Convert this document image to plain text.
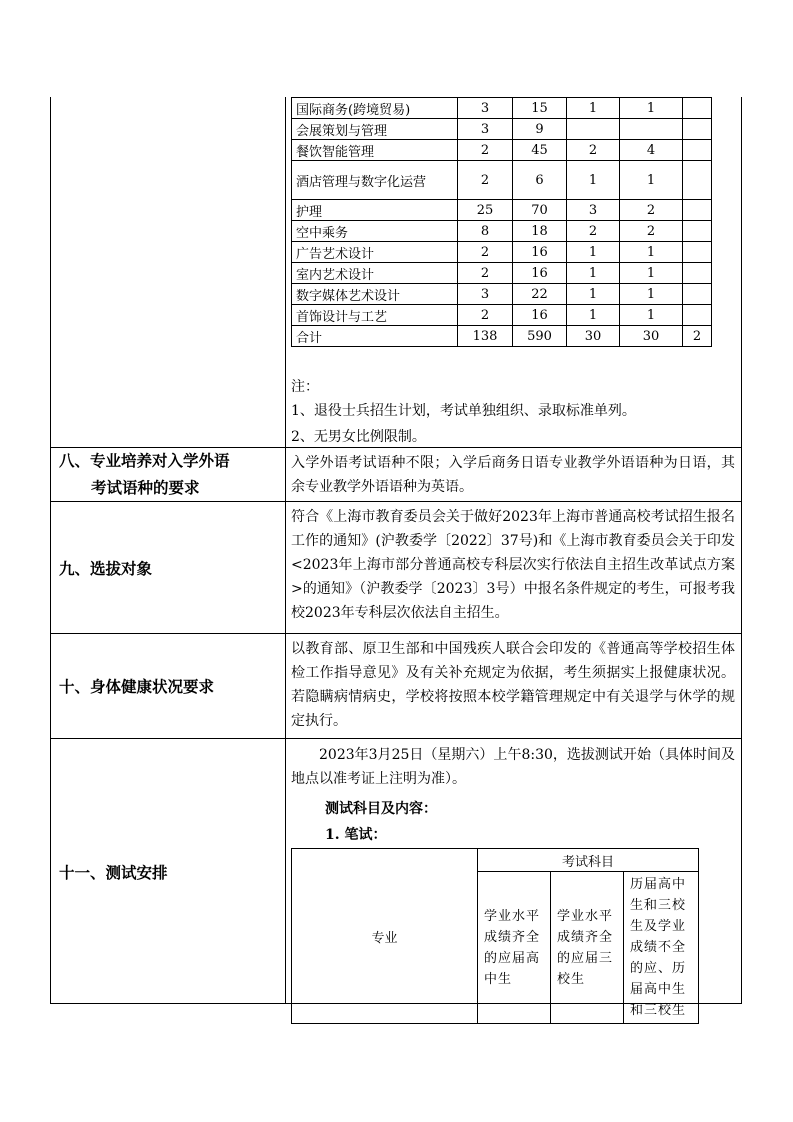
国际商务(跨境贸易)	3	15	1	1	
会展策划与管理	3	9			
餐饮智能管理	2	45	2	4	
酒店管理与数字化运营	2	6	1	1	
护理	25	70	3	2	
空中乘务	8	18	2	2	
广告艺术设计	2	16	1	1	
室内艺术设计	2	16	1	1	
数字媒体艺术设计	3	22	1	1	
首饰设计与工艺	2	16	1	1	
合计	138	590	30	30	2
注：
1、退役士兵招生计划，考试单独组织、录取标准单列。
2、无男女比例限制。
八、专业培养对入学外语
考试语种的要求
入学外语考试语种不限；入学后商务日语专业教学外语语种为日语，其余专业教学外语语种为英语。
九、选拔对象
符合《上海市教育委员会关于做好2023年上海市普通高校考试招生报名工作的通知》(沪教委学〔2022〕37号)和《上海市教育委员会关于印发<2023年上海市部分普通高校专科层次实行依法自主招生改革试点方案>的通知》（沪教委学〔2023〕3号）中报名条件规定的考生，可报考我校2023年专科层次依法自主招生。
十、身体健康状况要求
以教育部、原卫生部和中国残疾人联合会印发的《普通高等学校招生体检工作指导意见》及有关补充规定为依据，考生须据实上报健康状况。若隐瞒病情病史，学校将按照本校学籍管理规定中有关退学与休学的规定执行。
十一、测试安排
2023年3月25日（星期六）上午8:30，选拔测试开始（具体时间及地点以准考证上注明为准）。
测试科目及内容：
1. 笔试：
专业	考试科目		
	学业水平成绩齐全的应届高中生	学业水平成绩齐全的应届三校生	历届高中生和三校生及学业成绩不全的应、历届高中生和三校生
